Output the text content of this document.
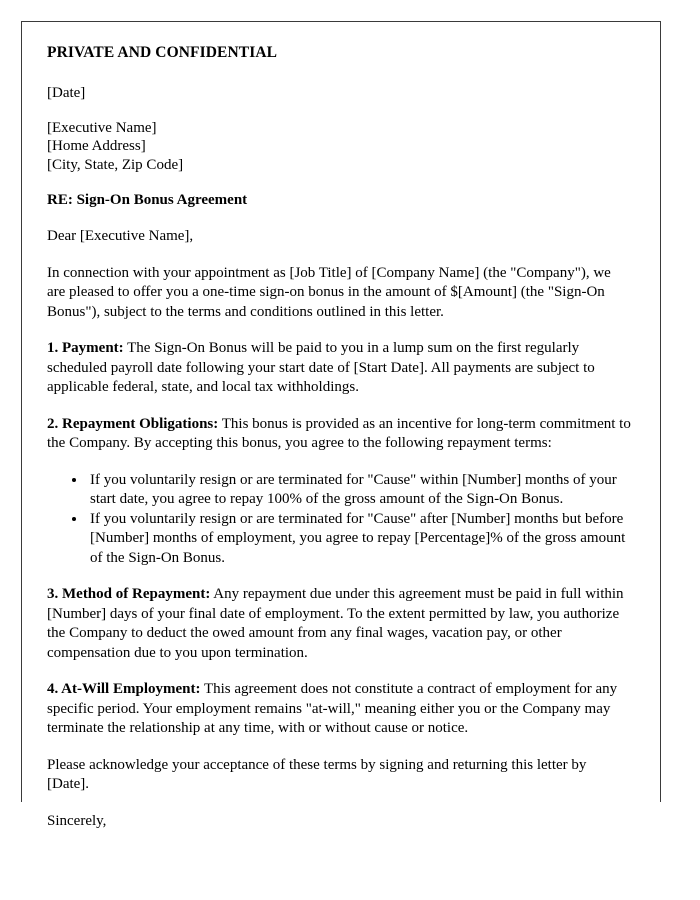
PRIVATE AND CONFIDENTIAL

[Date]

[Executive Name]
[Home Address]
[City, State, Zip Code]

RE: Sign-On Bonus Agreement

Dear [Executive Name],

In connection with your appointment as [Job Title] of [Company Name] (the "Company"), we are pleased to offer you a one-time sign-on bonus in the amount of $[Amount] (the "Sign-On Bonus"), subject to the terms and conditions outlined in this letter.

1. Payment: The Sign-On Bonus will be paid to you in a lump sum on the first regularly scheduled payroll date following your start date of [Start Date]. All payments are subject to applicable federal, state, and local tax withholdings.

2. Repayment Obligations: This bonus is provided as an incentive for long-term commitment to the Company. By accepting this bonus, you agree to the following repayment terms:

• If you voluntarily resign or are terminated for "Cause" within [Number] months of your start date, you agree to repay 100% of the gross amount of the Sign-On Bonus.
• If you voluntarily resign or are terminated for "Cause" after [Number] months but before [Number] months of employment, you agree to repay [Percentage]% of the gross amount of the Sign-On Bonus.

3. Method of Repayment: Any repayment due under this agreement must be paid in full within [Number] days of your final date of employment. To the extent permitted by law, you authorize the Company to deduct the owed amount from any final wages, vacation pay, or other compensation due to you upon termination.

4. At-Will Employment: This agreement does not constitute a contract of employment for any specific period. Your employment remains "at-will," meaning either you or the Company may terminate the relationship at any time, with or without cause or notice.

Please acknowledge your acceptance of these terms by signing and returning this letter by [Date].

Sincerely,
